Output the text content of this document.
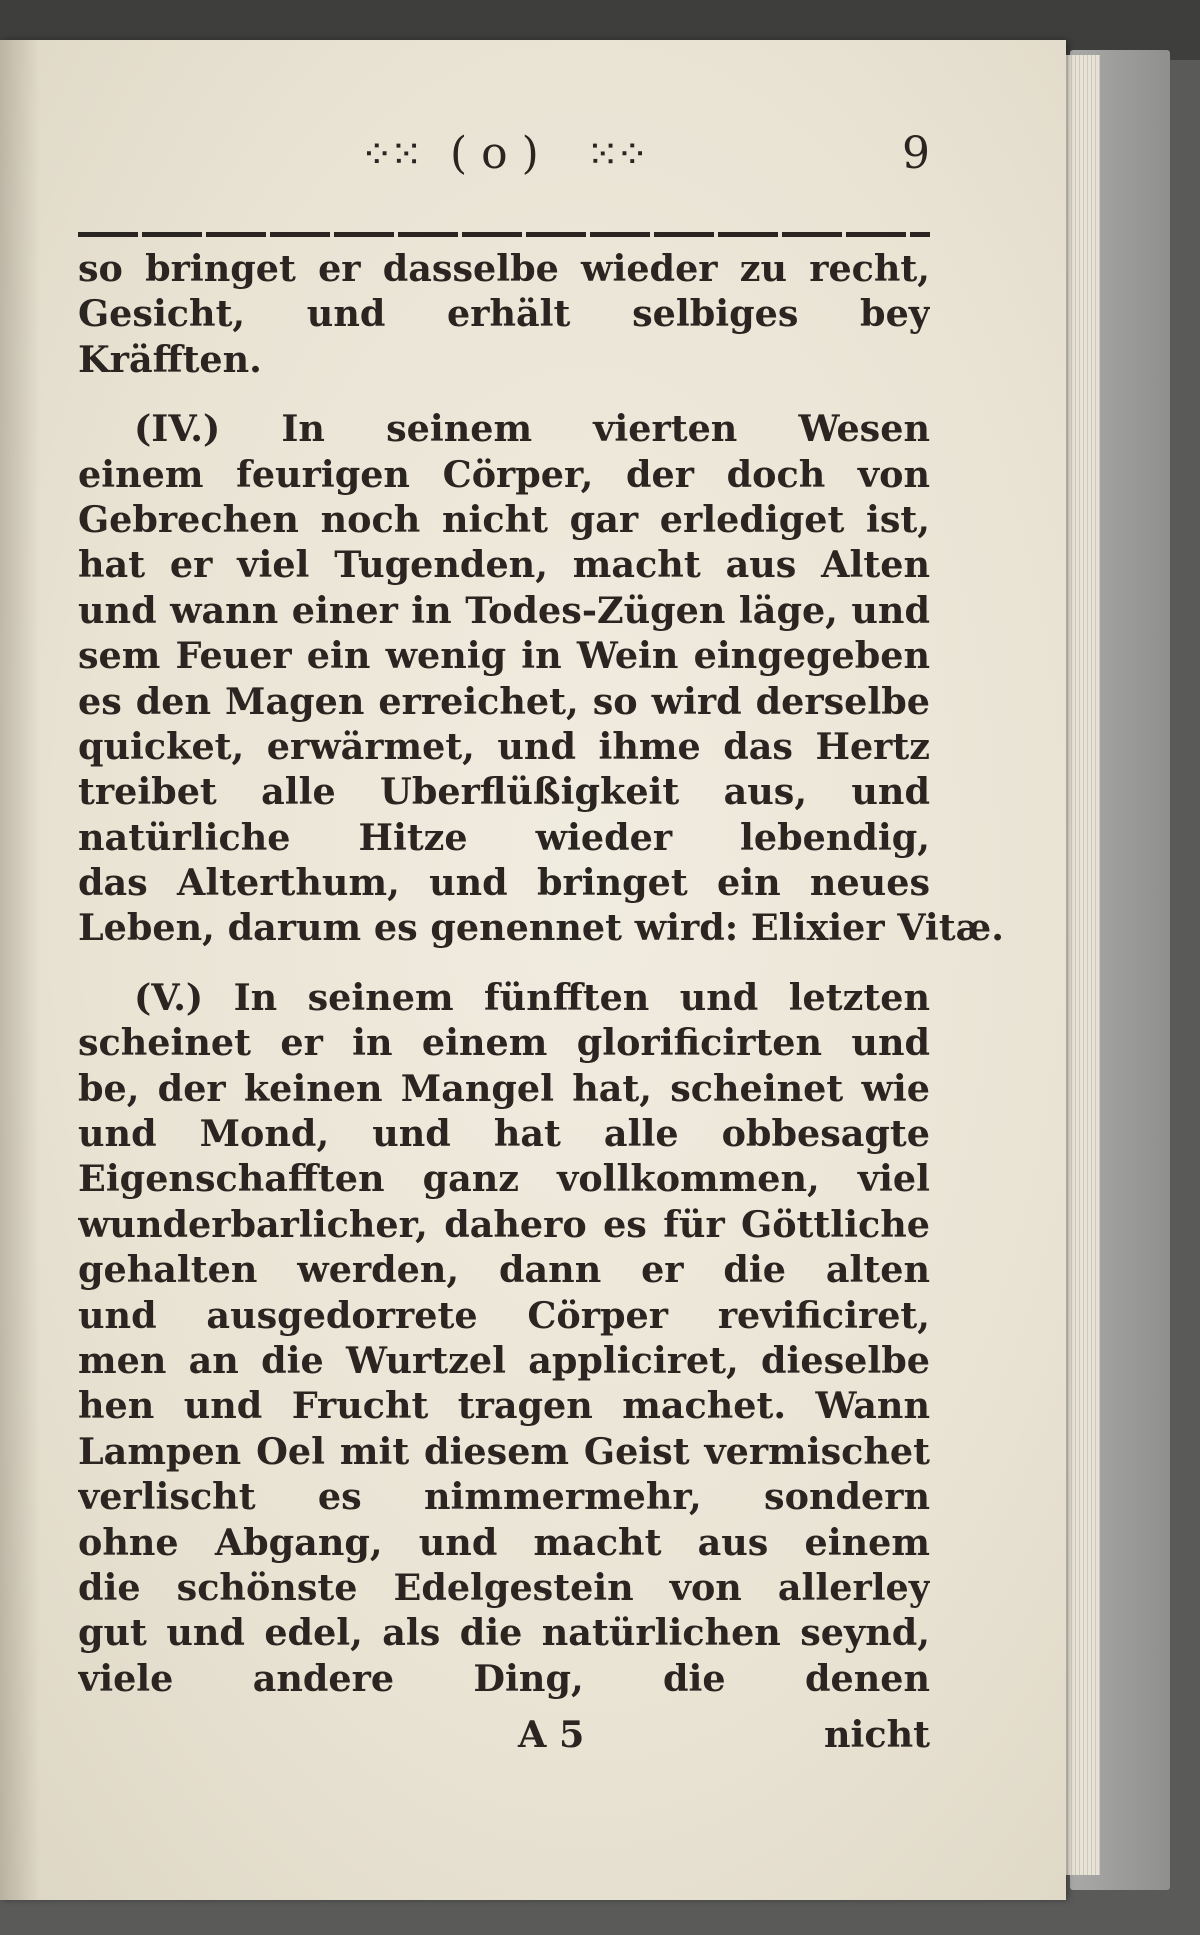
⁘⁙ ( o ) ⁙⁘	9
so bringet er dasselbe wieder zu recht,
Gesicht, und erhält selbiges bey
Kräfften.
(IV.) In seinem vierten Wesen
einem feurigen Cörper, der doch von
Gebrechen noch nicht gar erlediget ist,
hat er viel Tugenden, macht aus Alten
und wann einer in Todes-Zügen läge, und
sem Feuer ein wenig in Wein eingegeben
es den Magen erreichet, so wird derselbe
quicket, erwärmet, und ihme das Hertz
treibet alle Uberflüßigkeit aus, und
natürliche Hitze wieder lebendig,
das Alterthum, und bringet ein neues
Leben, darum es genennet wird: Elixier Vitæ.
(V.) In seinem fünfften und letzten
scheinet er in einem glorificirten und
be, der keinen Mangel hat, scheinet wie
und Mond, und hat alle obbesagte
Eigenschafften ganz vollkommen, viel
wunderbarlicher, dahero es für Göttliche
gehalten werden, dann er die alten
und ausgedorrete Cörper revificiret,
men an die Wurtzel appliciret, dieselbe
hen und Frucht tragen machet. Wann
Lampen Oel mit diesem Geist vermischet
verlischt es nimmermehr, sondern
ohne Abgang, und macht aus einem
die schönste Edelgestein von allerley
gut und edel, als die natürlichen seynd,
viele andere Ding, die denen
A 5	nicht
